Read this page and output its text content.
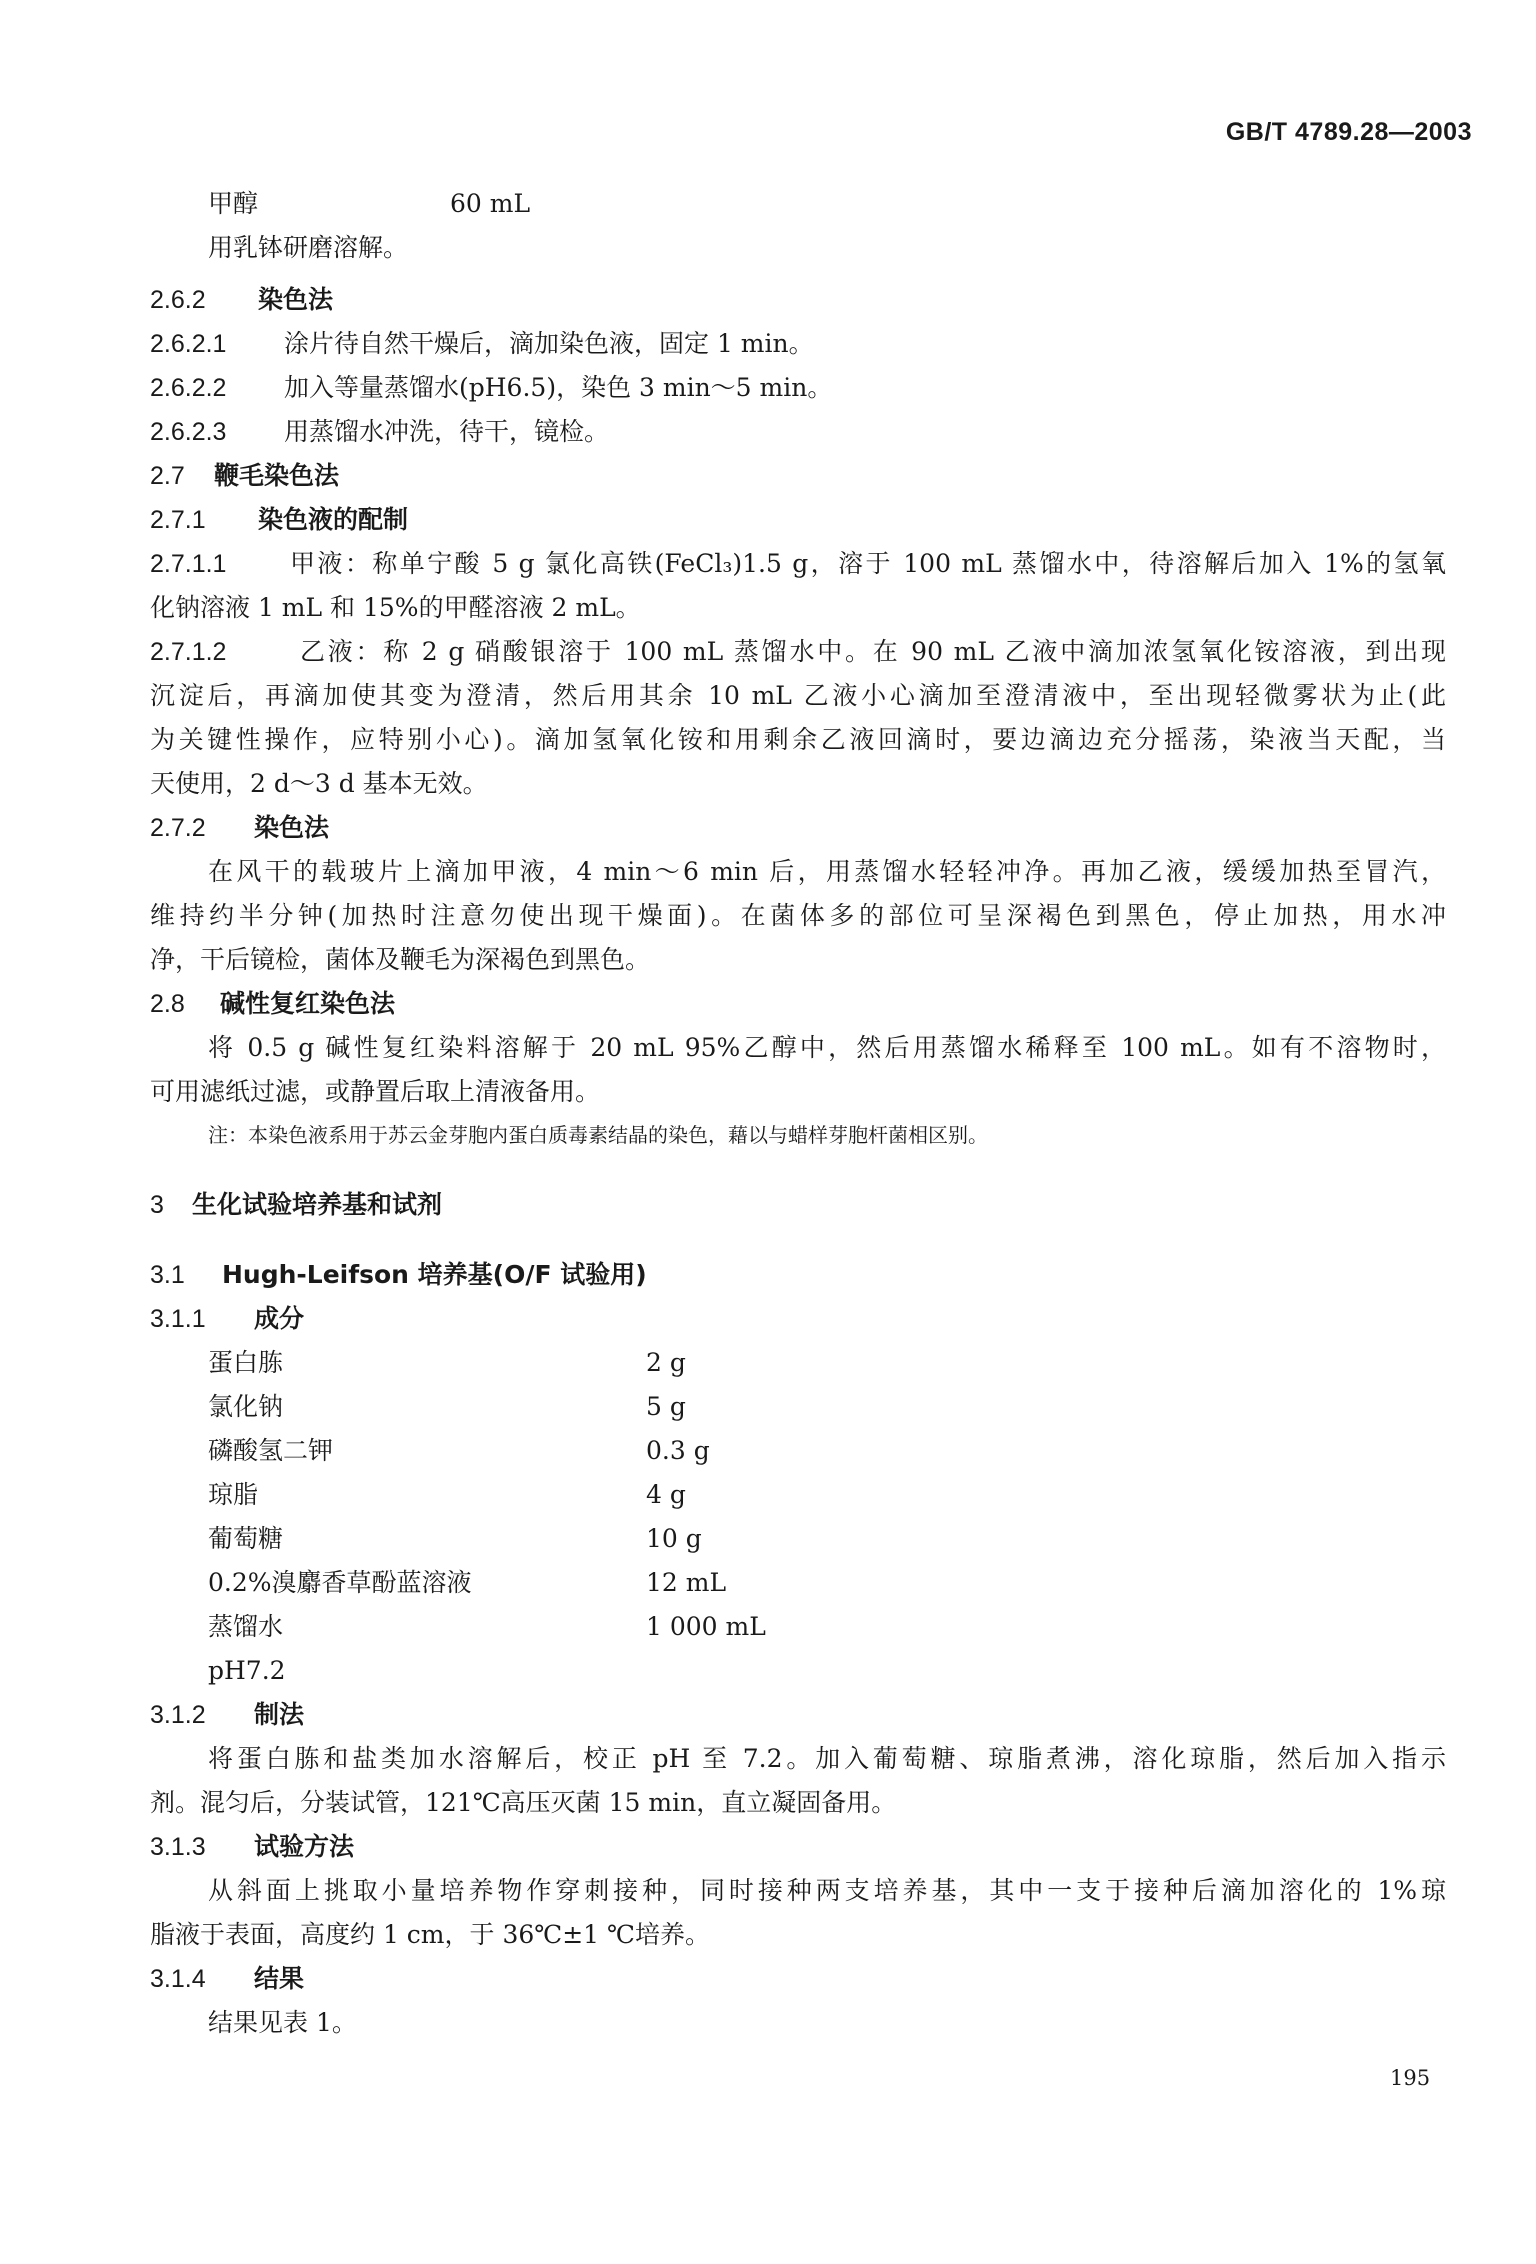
GB/T 4789.28—2003
甲醇	60 mL
用乳钵研磨溶解。
2.6.2 染色法
2.6.2.1 涂片待自然干燥后，滴加染色液，固定 1 min。
2.6.2.2 加入等量蒸馏水(pH6.5)，染色 3 min～5 min。
2.6.2.3 用蒸馏水冲洗，待干，镜检。
2.7 鞭毛染色法
2.7.1 染色液的配制
2.7.1.1	甲液：称单宁酸 5 g 氯化高铁(FeCl₃)1.5 g，溶于 100 mL 蒸馏水中，待溶解后加入 1%的氢氧
化钠溶液 1 mL 和 15%的甲醛溶液 2 mL。
2.7.1.2	乙液：称 2 g 硝酸银溶于 100 mL 蒸馏水中。在 90 mL 乙液中滴加浓氢氧化铵溶液，到出现
沉淀后，再滴加使其变为澄清，然后用其余 10 mL 乙液小心滴加至澄清液中，至出现轻微雾状为止(此
为关键性操作，应特别小心)。滴加氢氧化铵和用剩余乙液回滴时，要边滴边充分摇荡，染液当天配，当
天使用，2 d～3 d 基本无效。
2.7.2 染色法
在风干的载玻片上滴加甲液，4 min～6 min 后，用蒸馏水轻轻冲净。再加乙液，缓缓加热至冒汽，
维持约半分钟(加热时注意勿使出现干燥面)。在菌体多的部位可呈深褐色到黑色，停止加热，用水冲
净，干后镜检，菌体及鞭毛为深褐色到黑色。
2.8 碱性复红染色法
将 0.5 g 碱性复红染料溶解于 20 mL 95%乙醇中，然后用蒸馏水稀释至 100 mL。如有不溶物时，
可用滤纸过滤，或静置后取上清液备用。
注：本染色液系用于苏云金芽胞内蛋白质毒素结晶的染色，藉以与蜡样芽胞杆菌相区别。
3 生化试验培养基和试剂
3.1 Hugh-Leifson 培养基(O/F 试验用)
3.1.1 成分
蛋白胨	2 g
氯化钠	5 g
磷酸氢二钾	0.3 g
琼脂	4 g
葡萄糖	10 g
0.2%溴麝香草酚蓝溶液	12 mL
蒸馏水	1 000 mL
pH7.2
3.1.2 制法
将蛋白胨和盐类加水溶解后，校正 pH 至 7.2。加入葡萄糖、琼脂煮沸，溶化琼脂，然后加入指示
剂。混匀后，分装试管，121℃高压灭菌 15 min，直立凝固备用。
3.1.3 试验方法
从斜面上挑取小量培养物作穿刺接种，同时接种两支培养基，其中一支于接种后滴加溶化的 1%琼
脂液于表面，高度约 1 cm，于 36℃±1 ℃培养。
3.1.4 结果
结果见表 1。
195
